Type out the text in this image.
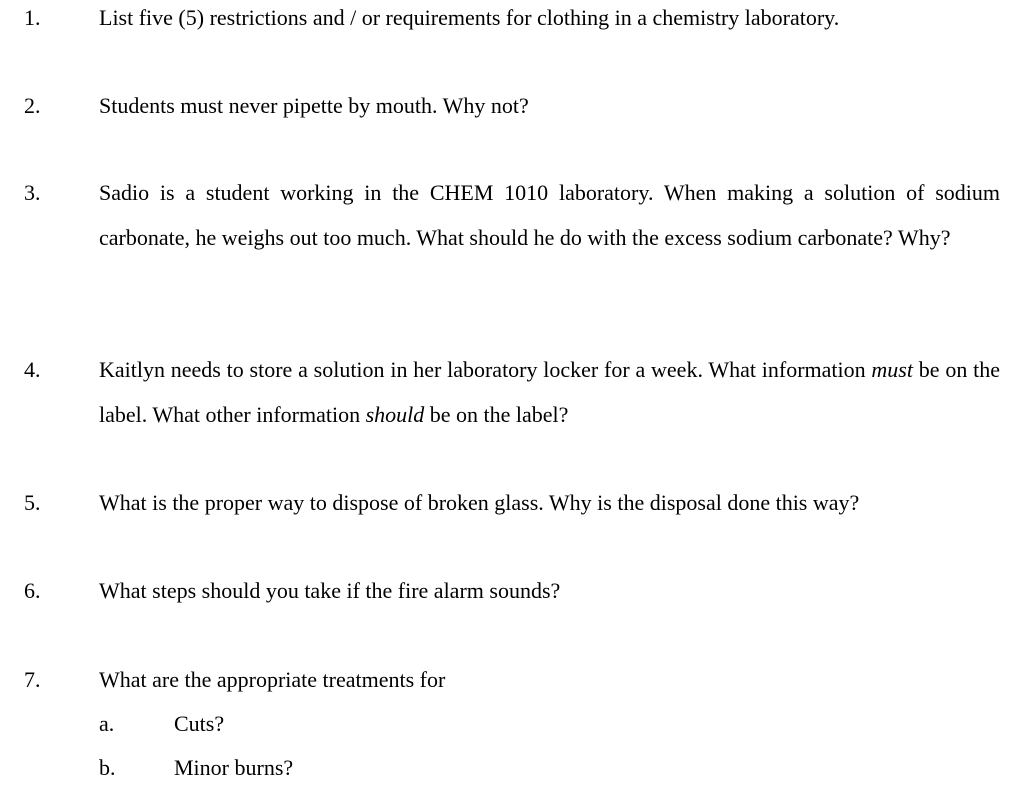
1.	List five (5) restrictions and / or requirements for clothing in a chemistry laboratory.
2.	Students must never pipette by mouth. Why not?
3.	Sadio is a student working in the CHEM 1010 laboratory. When making a solution of sodium carbonate, he weighs out too much. What should he do with the excess sodium carbonate? Why?
4.	Kaitlyn needs to store a solution in her laboratory locker for a week. What information must be on the label. What other information should be on the label?
5.	What is the proper way to dispose of broken glass. Why is the disposal done this way?
6.	What steps should you take if the fire alarm sounds?
7.	What are the appropriate treatments for
a.	Cuts?
b.	Minor burns?
